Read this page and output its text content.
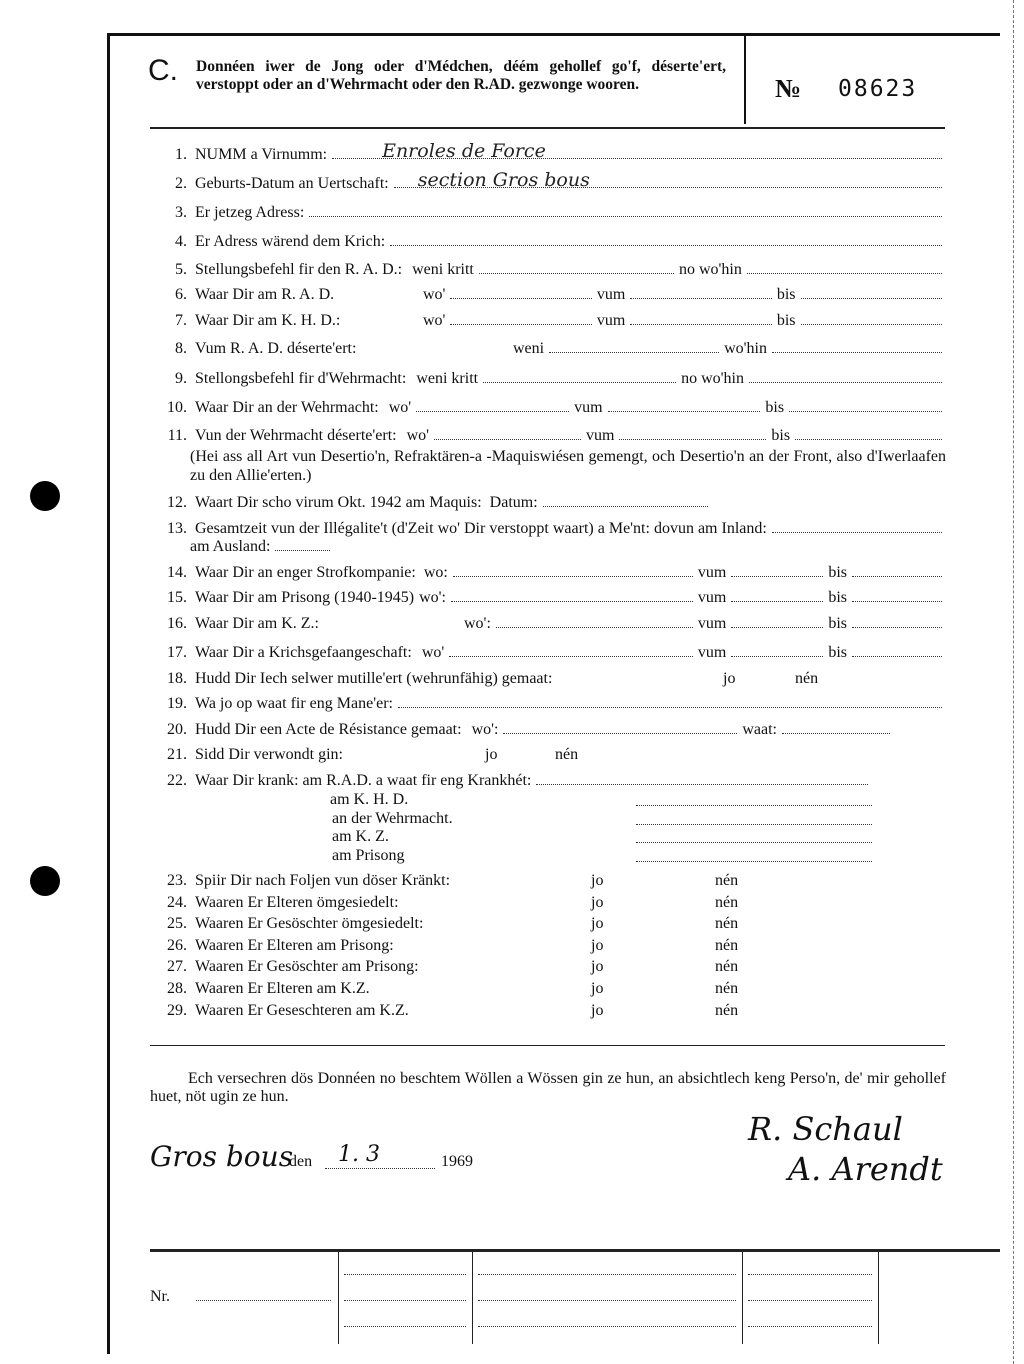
C. Donnéen iwer de Jong oder d'Médchen, déém gehollef go'f, déserte'ert, verstoppt oder an d'Wehrmacht oder den R.AD. gezwonge wooren.	№ 08623
1. NUMM a Virnumm:	Enroles de Force
2. Geburts-Datum an Uertschaft: section Gros bous
3. Er jetzeg Adress:
4. Er Adress wärend dem Krich:
5. Stellungsbefehl fir den R. A. D.: weni kritt	no wo'hin
6. Waar Dir am R. A. D.	wo'	vum	bis
7. Waar Dir am K. H. D.:	wo'	vum	bis
8. Vum R. A. D. déserte'ert:	weni	wo'hin
9. Stellongsbefehl fir d'Wehrmacht: weni kritt	no wo'hin
10. Waar Dir an der Wehrmacht: wo'	vum	bis
11. Vun der Wehrmacht déserte'ert: wo'	vum	bis
(Hei ass all Art vun Desertio'n, Refraktären-a -Maquiswiésen gemengt, och Desertio'n an der Front, also d'Iwerlaafen zu den Allie'erten.)
12. Waart Dir scho virum Okt. 1942 am Maquis: Datum:
13. Gesamtzeit vun der Illégalite't (d'Zeit wo' Dir verstoppt waart) a Me'nt: dovun am Inland:
am Ausland:
14. Waar Dir an enger Strofkompanie: wo:	vum	bis
15. Waar Dir am Prisong (1940-1945) wo':	vum	bis
16. Waar Dir am K. Z.:	wo':	vum	bis
17. Waar Dir a Krichsgefaangeschaft: wo'	vum	bis
18. Hudd Dir Iech selwer mutille'ert (wehrunfähig) gemaat:	jo	nén
19. Wa jo op waat fir eng Mane'er:
20. Hudd Dir een Acte de Résistance gemaat: wo':	waat:
21. Sidd Dir verwondt gin:	jo	nén
22. Waar Dir krank: am R.A.D. a waat fir eng Krankhét:
am K. H. D.
an der Wehrmacht.
am K. Z.
am Prisong
23. Spiir Dir nach Foljen vun döser Kränkt:	jo	nén
24. Waaren Er Elteren ömgesiedelt:	jo	nén
25. Waaren Er Gesöschter ömgesiedelt:	jo	nén
26. Waaren Er Elteren am Prisong:	jo	nén
27. Waaren Er Gesöschter am Prisong:	jo	nén
28. Waaren Er Elteren am K.Z.	jo	nén
29. Waaren Er Geseschteren am K.Z.	jo	nén
Ech versechren dös Donnéen no beschtem Wöllen a Wössen gin ze hun, an absichtlech keng Perso'n, de' mir gehollef huet, nöt ugin ze hun.
Gros bous
den 1. 3	1969
R. Schaul
A. Arendt
Nr.
